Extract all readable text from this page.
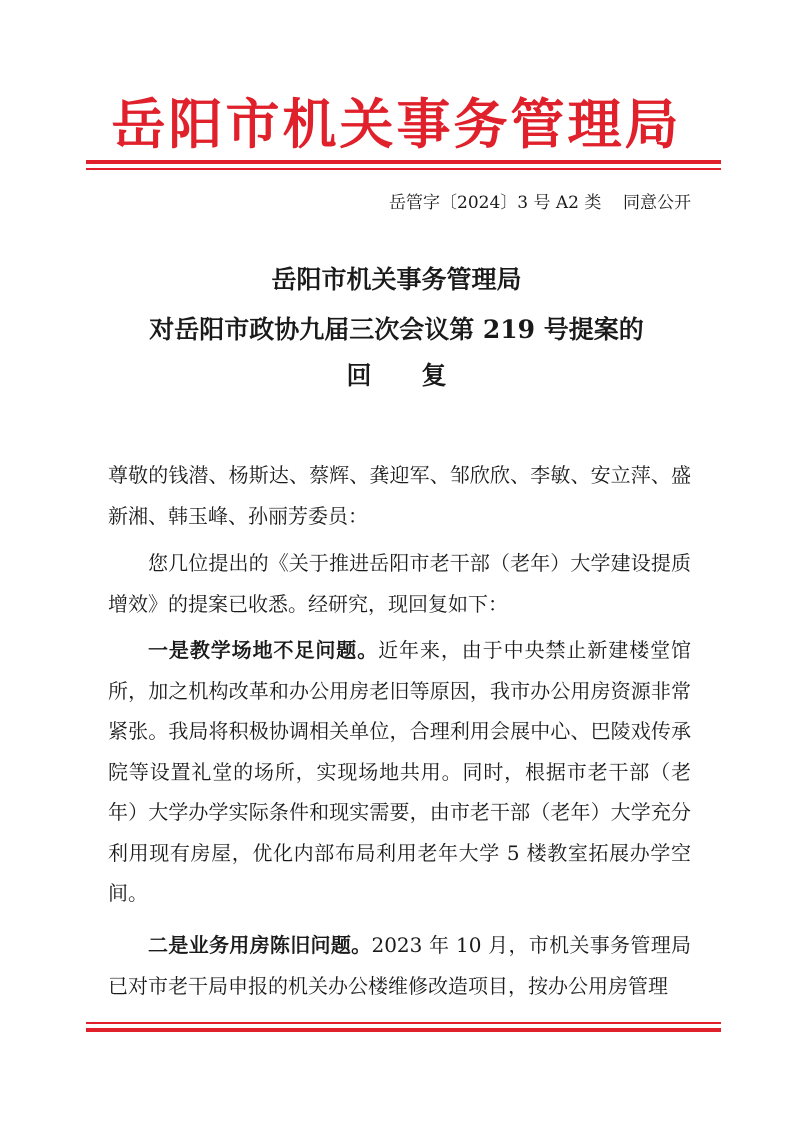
岳阳市机关事务管理局
岳管字〔2024〕3 号 A2 类    同意公开
岳阳市机关事务管理局
对岳阳市政协九届三次会议第 219 号提案的
回　　复
尊敬的钱潜、杨斯达、蔡辉、龚迎军、邹欣欣、李敏、安立萍、盛新湘、韩玉峰、孙丽芳委员：
您几位提出的《关于推进岳阳市老干部（老年）大学建设提质增效》的提案已收悉。经研究，现回复如下：
一是教学场地不足问题。近年来，由于中央禁止新建楼堂馆所，加之机构改革和办公用房老旧等原因，我市办公用房资源非常紧张。我局将积极协调相关单位，合理利用会展中心、巴陵戏传承院等设置礼堂的场所，实现场地共用。同时，根据市老干部（老年）大学办学实际条件和现实需要，由市老干部（老年）大学充分利用现有房屋，优化内部布局利用老年大学 5 楼教室拓展办学空间。
二是业务用房陈旧问题。2023 年 10 月，市机关事务管理局已对市老干局申报的机关办公楼维修改造项目，按办公用房管理
